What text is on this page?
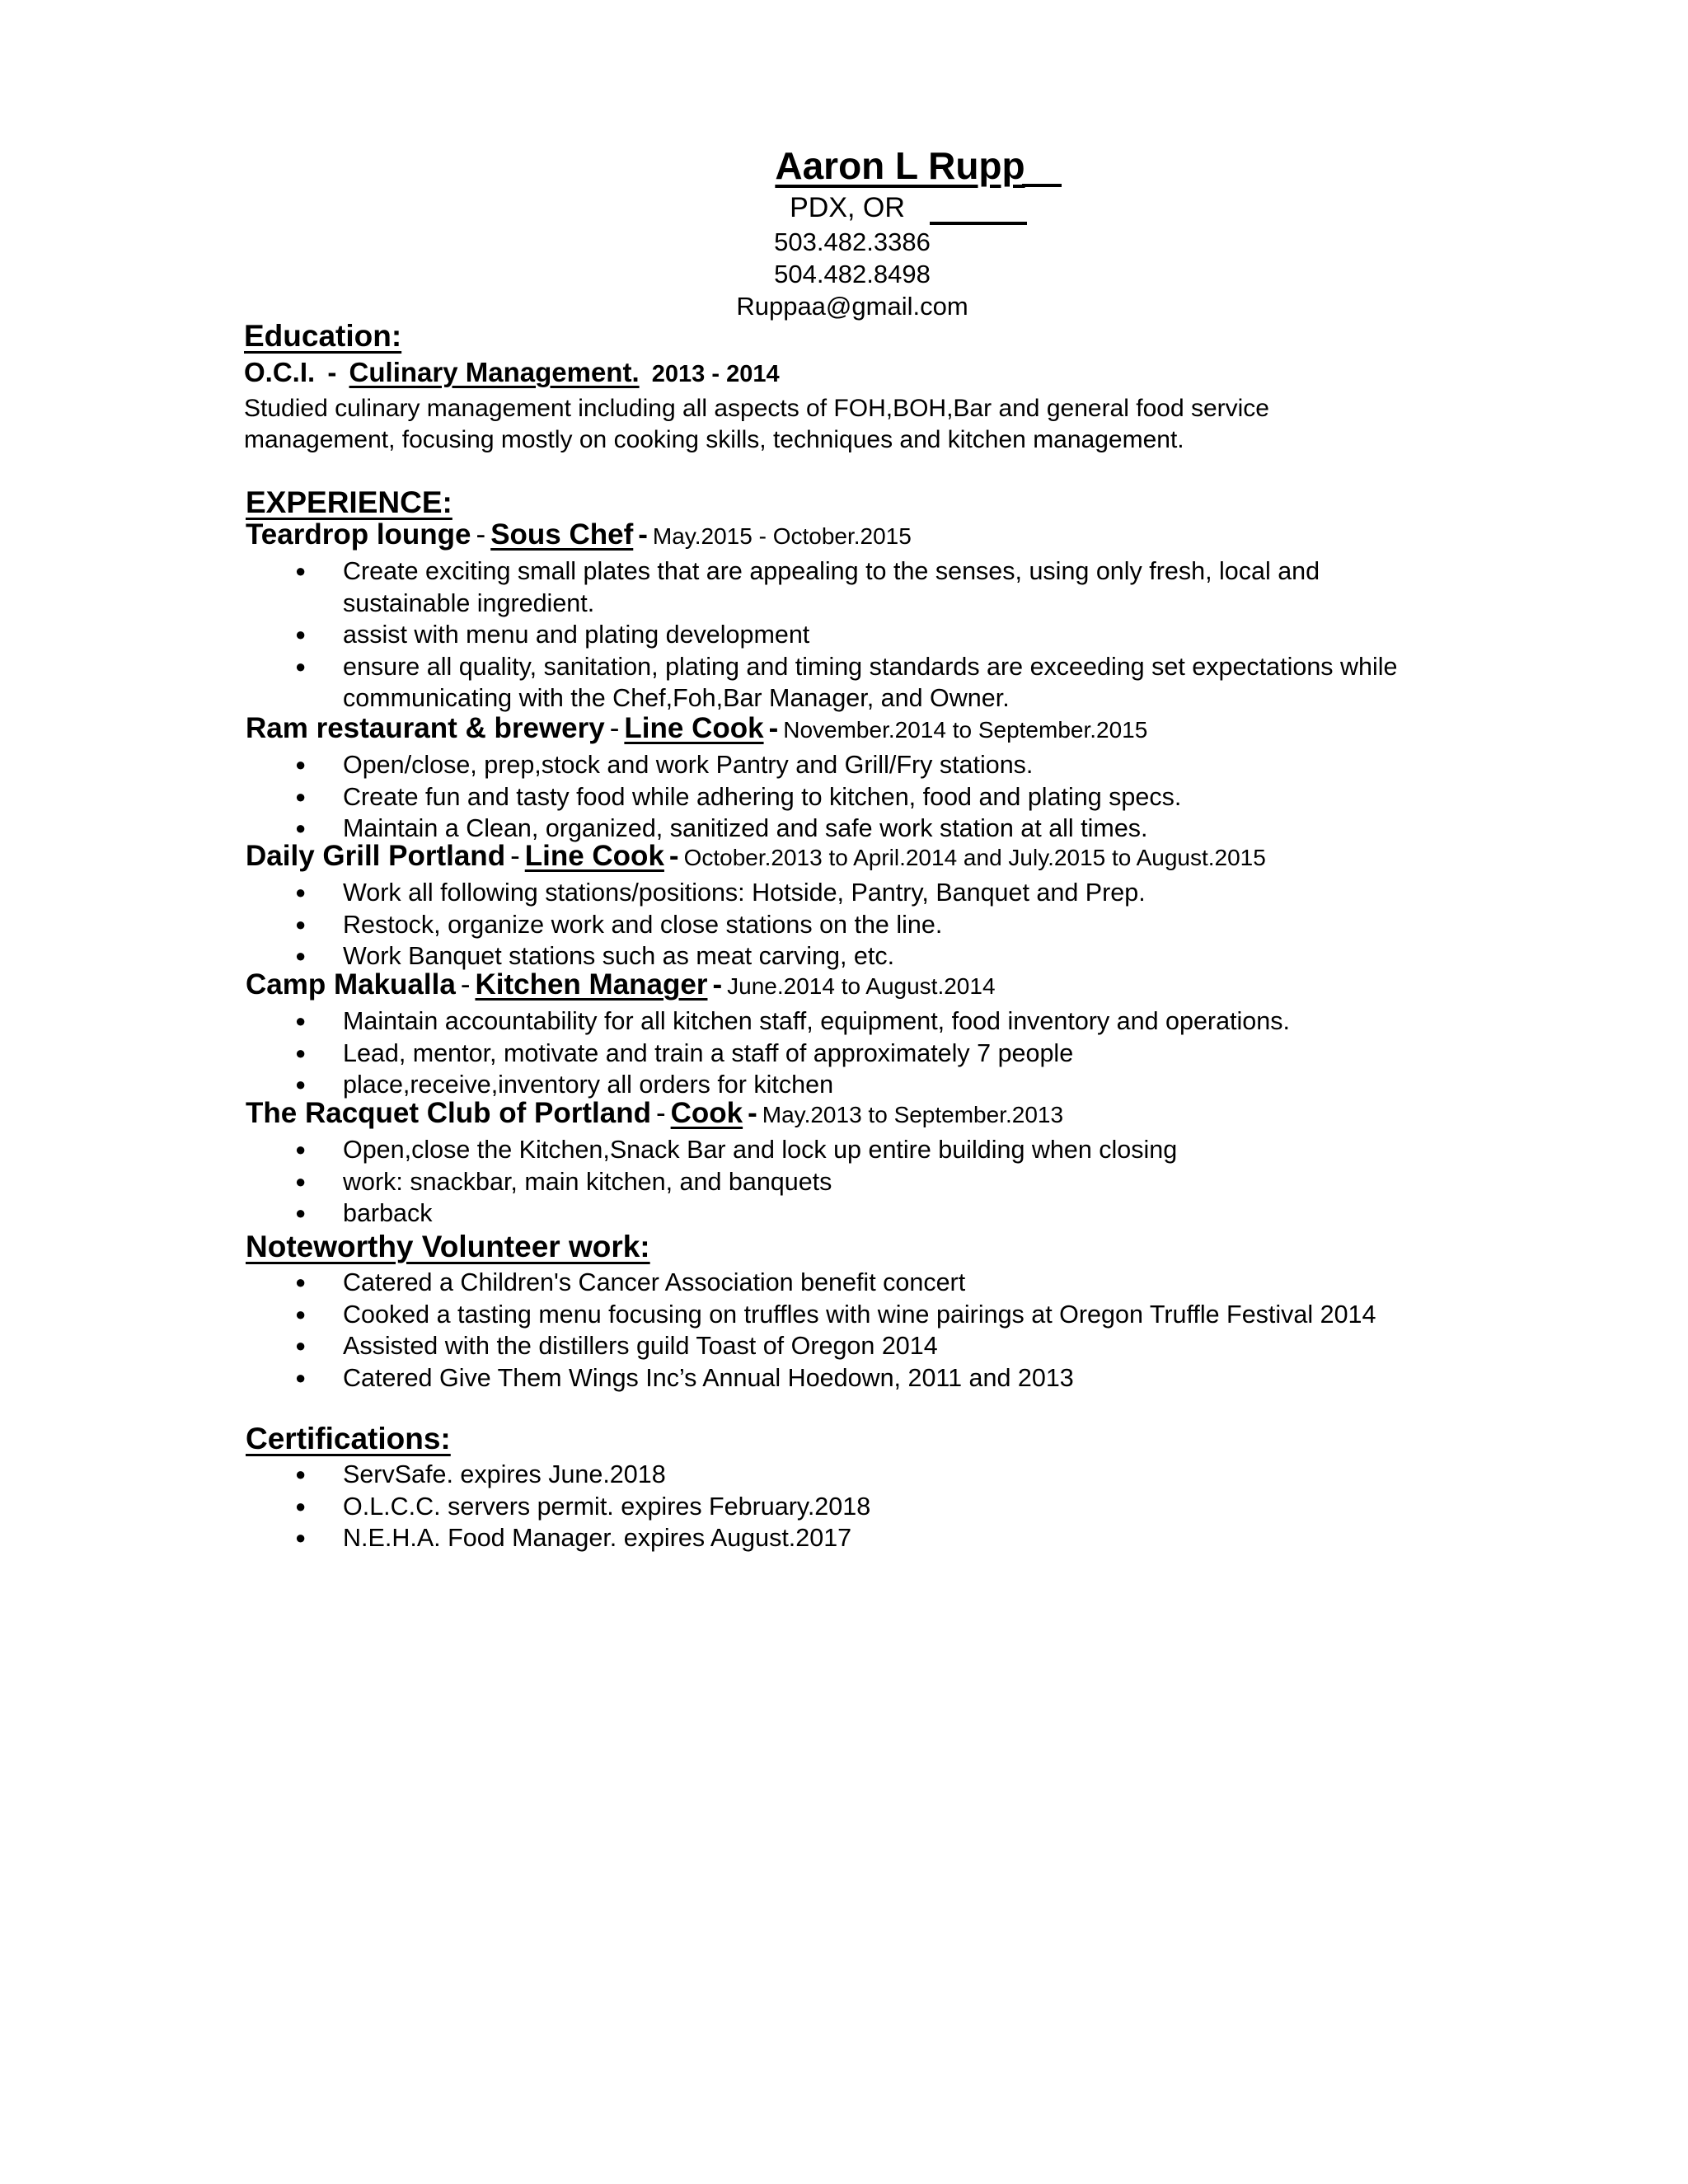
Aaron L Rupp
PDX, OR
503.482.3386
504.482.8498
Ruppaa@gmail.com
Education:
O.C.I. - Culinary Management. 2013 - 2014
Studied culinary management including all aspects of FOH,BOH,Bar and general food service management, focusing mostly on cooking skills, techniques and kitchen management.
EXPERIENCE:
Teardrop lounge - Sous Chef - May.2015 - October.2015
● Create exciting small plates that are appealing to the senses, using only fresh, local and sustainable ingredient.
● assist with menu and plating development
● ensure all quality, sanitation, plating and timing standards are exceeding set expectations while communicating with the Chef,Foh,Bar Manager, and Owner.
Ram restaurant & brewery - Line Cook - November.2014 to September.2015
● Open/close, prep,stock and work Pantry and Grill/Fry stations.
● Create fun and tasty food while adhering to kitchen, food and plating specs.
● Maintain a Clean, organized, sanitized and safe work station at all times.
Daily Grill Portland - Line Cook - October.2013 to April.2014 and July.2015 to August.2015
● Work all following stations/positions: Hotside, Pantry, Banquet and Prep.
● Restock, organize work and close stations on the line.
● Work Banquet stations such as meat carving, etc.
Camp Makualla - Kitchen Manager - June.2014 to August.2014
● Maintain accountability for all kitchen staff, equipment, food inventory and operations.
● Lead, mentor, motivate and train a staff of approximately 7 people
● place,receive,inventory all orders for kitchen
The Racquet Club of Portland - Cook - May.2013 to September.2013
● Open,close the Kitchen,Snack Bar and lock up entire building when closing
● work: snackbar, main kitchen, and banquets
● barback
Noteworthy Volunteer work:
● Catered a Children's Cancer Association benefit concert
● Cooked a tasting menu focusing on truffles with wine pairings at Oregon Truffle Festival 2014
● Assisted with the distillers guild Toast of Oregon 2014
● Catered Give Them Wings Inc’s Annual Hoedown, 2011 and 2013
Certifications:
● ServSafe. expires June.2018
● O.L.C.C. servers permit. expires February.2018
● N.E.H.A. Food Manager. expires August.2017
